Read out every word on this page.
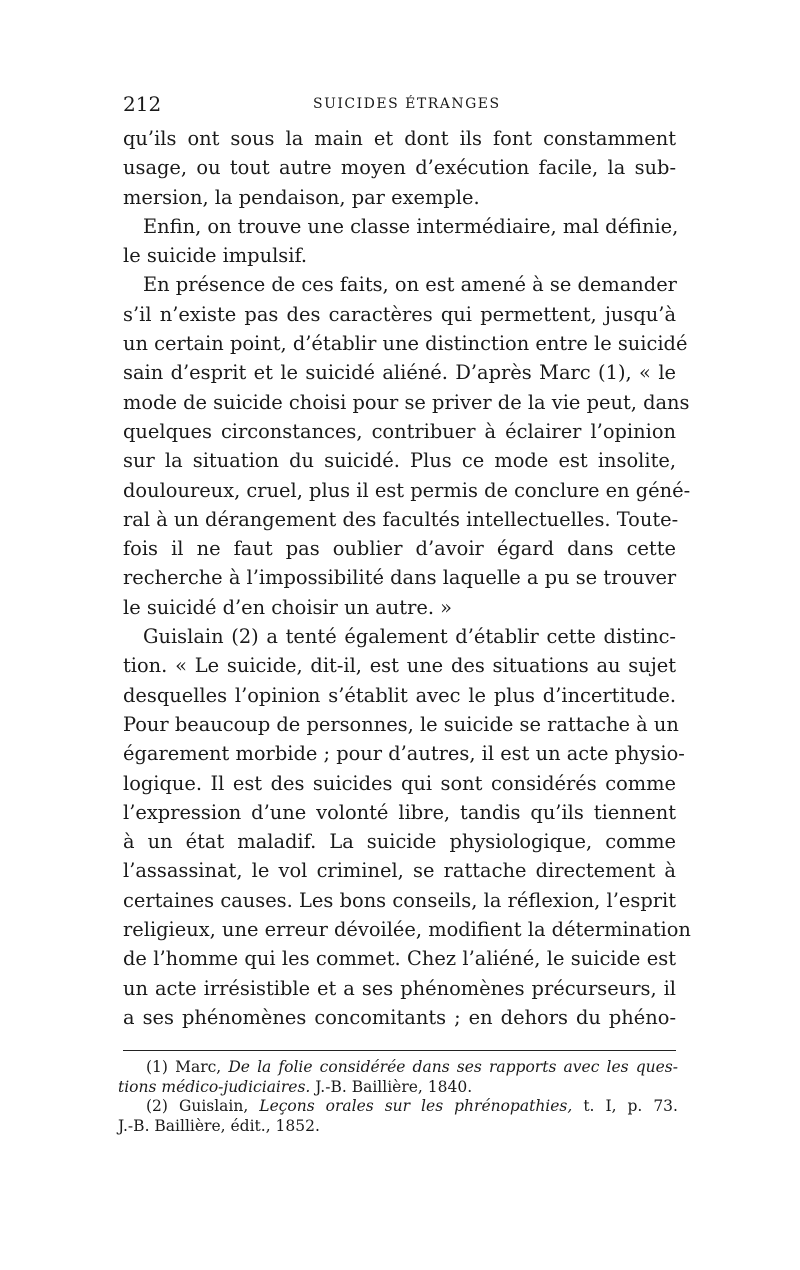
212	SUICIDES ÉTRANGES
qu’ils ont sous la main et dont ils font constamment
usage, ou tout autre moyen d’exécution facile, la sub-
mersion, la pendaison, par exemple.
Enfin, on trouve une classe intermédiaire, mal définie,
le suicide impulsif.
En présence de ces faits, on est amené à se demander
s’il n’existe pas des caractères qui permettent, jusqu’à
un certain point, d’établir une distinction entre le suicidé
sain d’esprit et le suicidé aliéné. D’après Marc (1), « le
mode de suicide choisi pour se priver de la vie peut, dans
quelques circonstances, contribuer à éclairer l’opinion
sur la situation du suicidé. Plus ce mode est insolite,
douloureux, cruel, plus il est permis de conclure en géné-
ral à un dérangement des facultés intellectuelles. Toute-
fois il ne faut pas oublier d’avoir égard dans cette
recherche à l’impossibilité dans laquelle a pu se trouver
le suicidé d’en choisir un autre. »
Guislain (2) a tenté également d’établir cette distinc-
tion. « Le suicide, dit-il, est une des situations au sujet
desquelles l’opinion s’établit avec le plus d’incertitude.
Pour beaucoup de personnes, le suicide se rattache à un
égarement morbide ; pour d’autres, il est un acte physio-
logique. Il est des suicides qui sont considérés comme
l’expression d’une volonté libre, tandis qu’ils tiennent
à un état maladif. La suicide physiologique, comme
l’assassinat, le vol criminel, se rattache directement à
certaines causes. Les bons conseils, la réflexion, l’esprit
religieux, une erreur dévoilée, modifient la détermination
de l’homme qui les commet. Chez l’aliéné, le suicide est
un acte irrésistible et a ses phénomènes précurseurs, il
a ses phénomènes concomitants ; en dehors du phéno-
(1) Marc, De la folie considérée dans ses rapports avec les ques-
tions médico-judiciaires. J.-B. Baillière, 1840.
(2) Guislain, Leçons orales sur les phrénopathies, t. I, p. 73.
J.-B. Baillière, édit., 1852.
